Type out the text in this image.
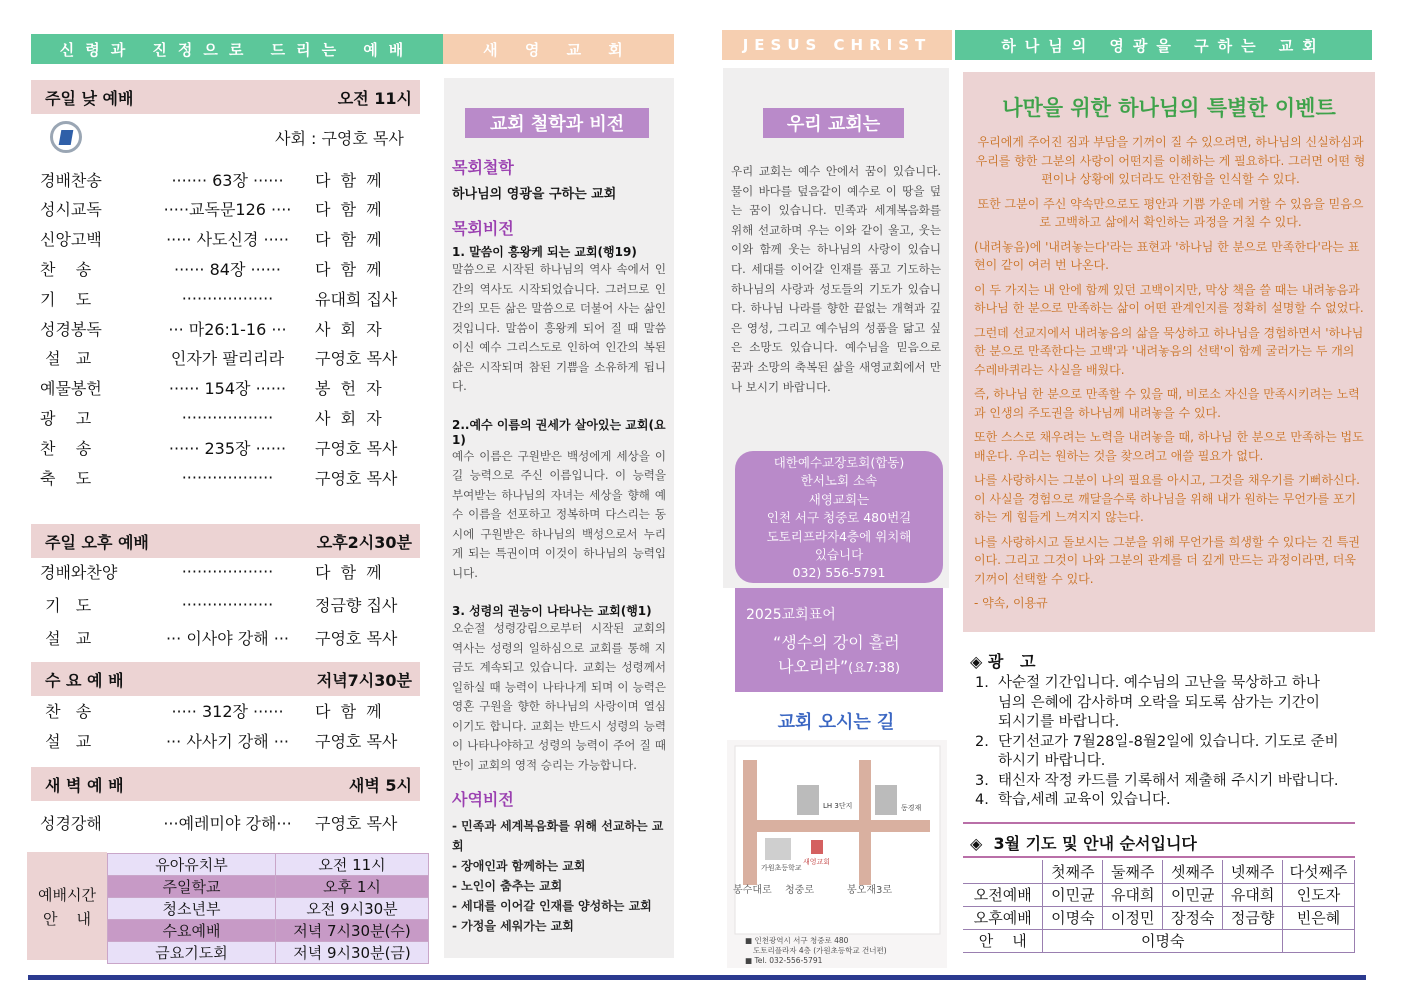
신령과 진정으로 드리는 예배	새 영 교 회	JESUS CHRIST	하나님의 영광을 구하는 교회
주일 낮 예배	오전 11시
사회 : 구영호 목사
경배찬송	······· 63장 ······	다  함  께
성시교독	·····교독문126 ····	다  함  께
신앙고백	····· 사도신경 ·····	다  함  께
찬    송	······ 84장 ······	다  함  께
기    도	··················	유대희 집사
성경봉독	··· 마26:1-16 ···	사  회  자
설   교	인자가 팔리리라	구영호 목사
예물봉헌	······ 154장 ······	봉  헌  자
광    고	··················	사  회  자
찬    송	······ 235장 ······	구영호 목사
축    도	··················	구영호 목사
주일 오후 예배	오후2시30분
경배와찬양	··················	다  함  께
기   도	··················	정금향 집사
설   교	··· 이사야 강해 ···	구영호 목사
수 요 예 배	저녁7시30분
찬   송	····· 312장 ······	다  함  께
설   교	··· 사사기 강해 ···	구영호 목사
새 벽 예 배	새벽 5시
성경강해	···예레미야 강해···	구영호 목사
예배시간
안    내
유아유치부	오전 11시
주일학교	오후 1시
청소년부	오전 9시30분
수요예배	저녁 7시30분(수)
금요기도회	저녁 9시30분(금)
교회 철학과 비전
목회철학
하나님의 영광을 구하는 교회
목회비전
1. 말씀이 흥왕케 되는 교회(행19)

말씀으로 시작된 하나님의 역사 속에서 인간의 역사도 시작되었습니다. 그러므로 인간의 모든 삶은 말씀으로 더불어 사는 삶인 것입니다. 말씀이 흥왕케 되어 질 때 말씀이신 예수 그리스도로 인하여 인간의 복된 삶은 시작되며 참된 기쁨을 소유하게 됩니다.

2..예수 이름의 권세가 살아있는 교회(요1)

예수 이름은 구원받은 백성에게 세상을 이길 능력으로 주신 이름입니다. 이 능력을 부여받는 하나님의 자녀는 세상을 향해 예수 이름을 선포하고 정복하며 다스리는 동시에 구원받은 하나님의 백성으로서 누리게 되는 특권이며 이것이 하나님의 능력입니다.

3. 성령의 권능이 나타나는 교회(행1)

오순절 성령강림으로부터 시작된 교회의 역사는 성령의 일하심으로 교회를 통해 지금도 계속되고 있습니다. 교회는 성령께서 일하실 때 능력이 나타나게 되며 이 능력은 영혼 구원을 향한 하나님의 사랑이며 열심이기도 합니다. 교회는 반드시 성령의 능력이 나타나야하고 성령의 능력이 주어 질 때만이 교회의 영적 승리는 가능합니다.

사역비전
- 민족과 세계복음화를 위해 선교하는 교회
- 장애인과 함께하는 교회
- 노인이 춤추는 교회
- 세대를 이어갈 인재를 양성하는 교회
- 가정을 세워가는 교회
우리 교회는

우리 교회는 예수 안에서 꿈이 있습니다. 물이 바다를 덮음같이 예수로 이 땅을 덮는 꿈이 있습니다. 민족과 세계복음화를 위해 선교하며 우는 이와 같이 울고, 웃는 이와 함께 웃는 하나님의 사랑이 있습니다. 세대를 이어갈 인재를 품고 기도하는 하나님의 사랑과 성도들의 기도가 있습니다. 하나님 나라를 향한 끝없는 개혁과 깊은 영성, 그리고 예수님의 성품을 닮고 싶은 소망도 있습니다. 예수님을 믿음으로 꿈과 소망의 축복된 삶을 새영교회에서 만나 보시기 바랍니다.

대한예수교장로회(합동)
한서노회 소속
새영교회는
인천 서구 청중로 480번길
도토리프라자4층에 위치해
있습니다
032) 556-5791
2025교회표어
“생수의 강이 흘러
나오리라”(요7:38)
교회 오시는 길
LH 3단지	동경재
가원초등학교
새영교회
봉수대로 청중로	봉오재3로
■ 인천광역시 서구 청중로 480
도토리플라자 4층 (가원초등학교 건너편)
■ Tel. 032-556-5791
나만을 위한 하나님의 특별한 이벤트

우리에게 주어진 짐과 부담을 기꺼이 질 수 있으려면, 하나님의 신실하심과 우리를 향한 그분의 사랑이 어떤지를 이해하는 게 필요하다. 그러면 어떤 형편이나 상황에 있더라도 안전함을 인식할 수 있다.

또한 그분이 주신 약속만으로도 평안과 기쁨 가운데 거할 수 있음을 믿음으로 고백하고 삶에서 확인하는 과정을 거칠 수 있다.

(내려놓음)에 '내려놓는다'라는 표현과 '하나님 한 분으로 만족한다'라는 표현이 같이 여러 번 나온다.

이 두 가지는 내 안에 함께 있던 고백이지만, 막상 책을 쓸 때는 내려놓음과 하나님 한 분으로 만족하는 삶이 어떤 관계인지를 정확히 설명할 수 없었다.

그런데 선교지에서 내려놓음의 삶을 묵상하고 하나님을 경험하면서 '하나님 한 분으로 만족한다는 고백'과 '내려놓음의 선택'이 함께 굴러가는 두 개의 수레바퀴라는 사실을 배웠다.

즉, 하나님 한 분으로 만족할 수 있을 때, 비로소 자신을 만족시키려는 노력과 인생의 주도권을 하나님께 내려놓을 수 있다.

또한 스스로 채우려는 노력을 내려놓을 때, 하나님 한 분으로 만족하는 법도 배운다. 우리는 원하는 것을 찾으려고 애쓸 필요가 없다.

나를 사랑하시는 그분이 나의 필요를 아시고, 그것을 채우기를 기뻐하신다. 이 사실을 경험으로 깨달을수록 하나님을 위해 내가 원하는 무언가를 포기하는 게 힘들게 느껴지지 않는다.

나를 사랑하시고 돌보시는 그분을 위해 무언가를 희생할 수 있다는 건 특권이다. 그리고 그것이 나와 그분의 관계를 더 깊게 만드는 과정이라면, 더욱 기꺼이 선택할 수 있다.

- 약속, 이용규

◈ 광   고
1.  사순절 기간입니다. 예수님의 고난을 묵상하고 하나
님의 은혜에 감사하며 오락을 되도록 삼가는 기간이
되시기를 바랍니다.
2.  단기선교가 7월28일-8월2일에 있습니다. 기도로 준비
하시기 바랍니다.
3.  태신자 작정 카드를 기록해서 제출해 주시기 바랍니다.
4.  학습,세례 교육이 있습니다.
◈  3월 기도 및 안내 순서입니다
	첫째주	둘째주	셋째주	넷째주	다섯째주
오전예배	이민균	유대희	이민균	유대희	인도자
오후예배	이명숙	이정민	장정숙	정금향	빈은혜
안    내	이명숙				
